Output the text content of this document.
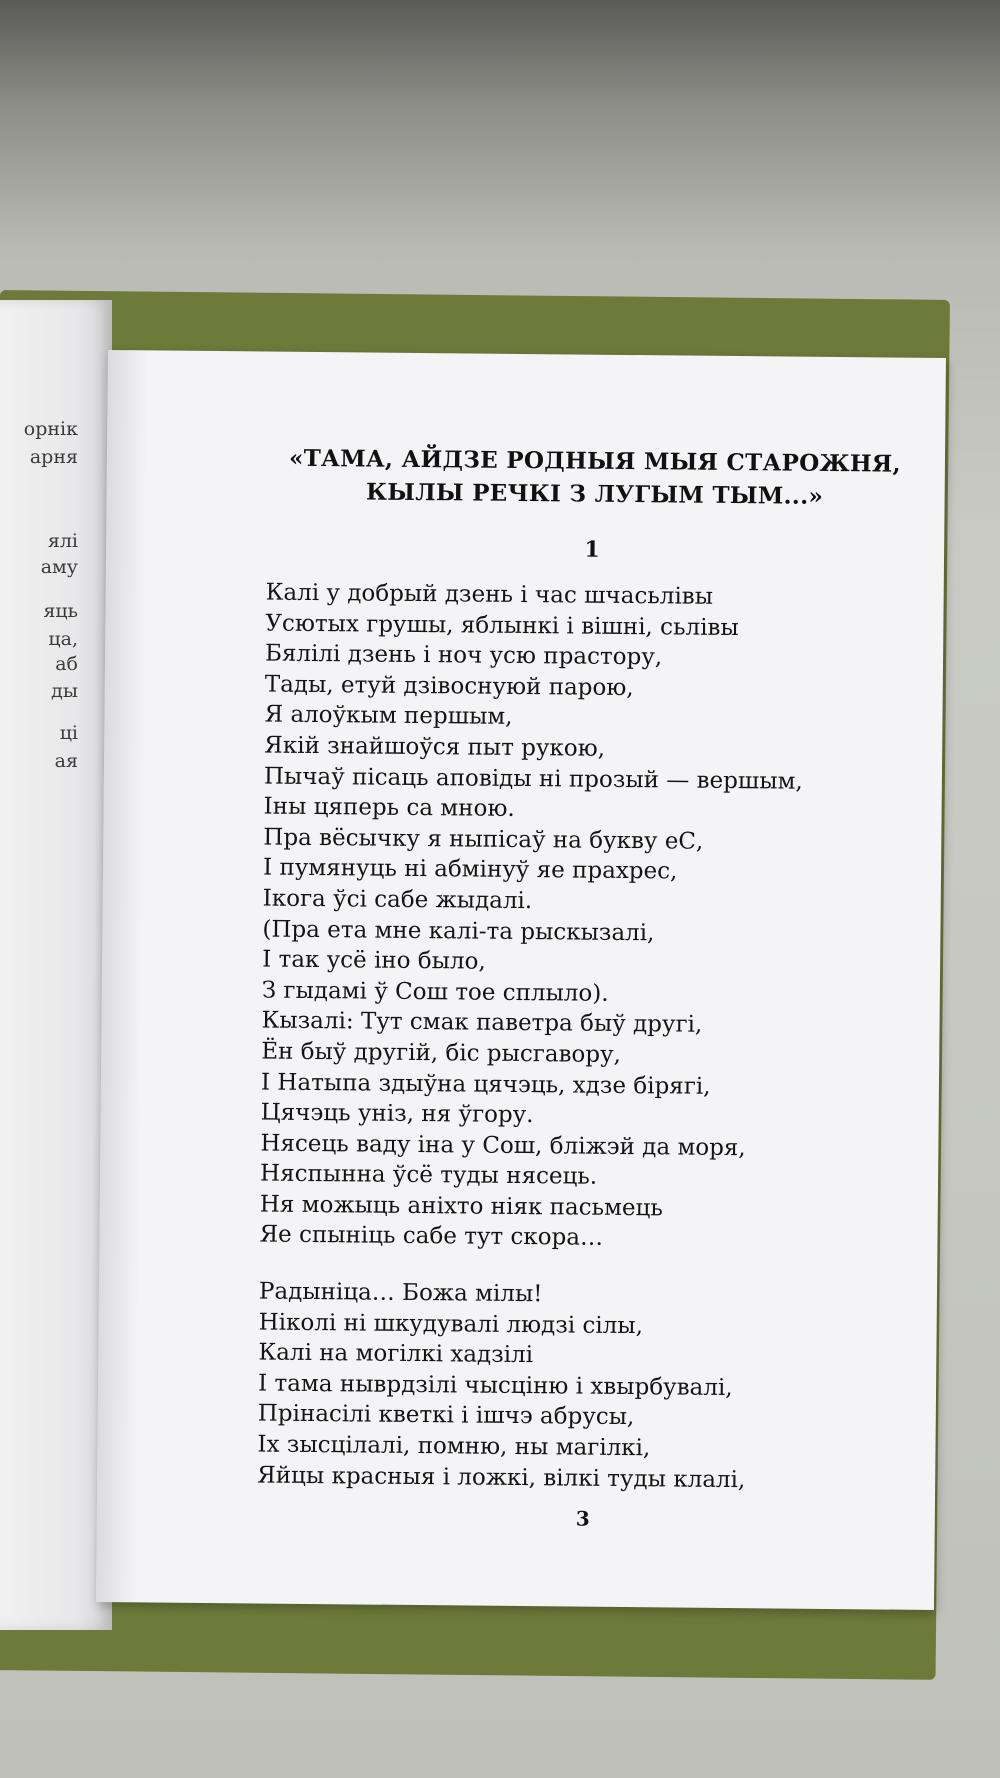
орнік
арня
ялі
аму
яць
ца,
аб
ды
ці
ая
«ТАМА, АЙДЗЕ РОДНЫЯ МЫЯ СТАРОЖНЯ,
КЫЛЫ РЕЧКІ З ЛУГЫМ ТЫМ...»
1
Калі у добрый дзень і час шчасьлівы
Усютых грушы, яблынкі і вішні, сьлівы
Бялілі дзень і ноч усю прастору,
Тады, етуй дзівоснуюй парою,
Я алоўкым першым,
Якій знайшоўся пыт рукою,
Пычаў пісаць аповіды ні прозый — вершым,
Іны цяперь са мною.
Пра вёсычку я ныпісаў на букву еС,
І пумянуць ні абмінуў яе прахрес,
Ікога ўсі сабе жыдалі.
(Пра ета мне калі-та рыскызалі,
І так усё іно было,
З гыдамі ў Сош тое сплыло).
Кызалі: Тут смак паветра быў другі,
Ён быў другій, біс рысгавору,
І Натыпа здыўна цячэць, хдзе бірягі,
Цячэць уніз, ня ўгору.
Нясець ваду іна у Сош, бліжэй да моря,
Няспынна ўсё туды нясець.
Ня можыць аніхто ніяк пасьмець
Яе спыніць сабе тут скора…
Радыніца… Божа мілы!
Ніколі ні шкудувалі людзі сілы,
Калі на могілкі хадзілі
І тама ныврдзілі чысціню і хвырбувалі,
Прінасілі кветкі і ішчэ абрусы,
Іх зысцілалі, помню, ны магілкі,
Яйцы красныя і ложкі, вілкі туды клалі,
3
